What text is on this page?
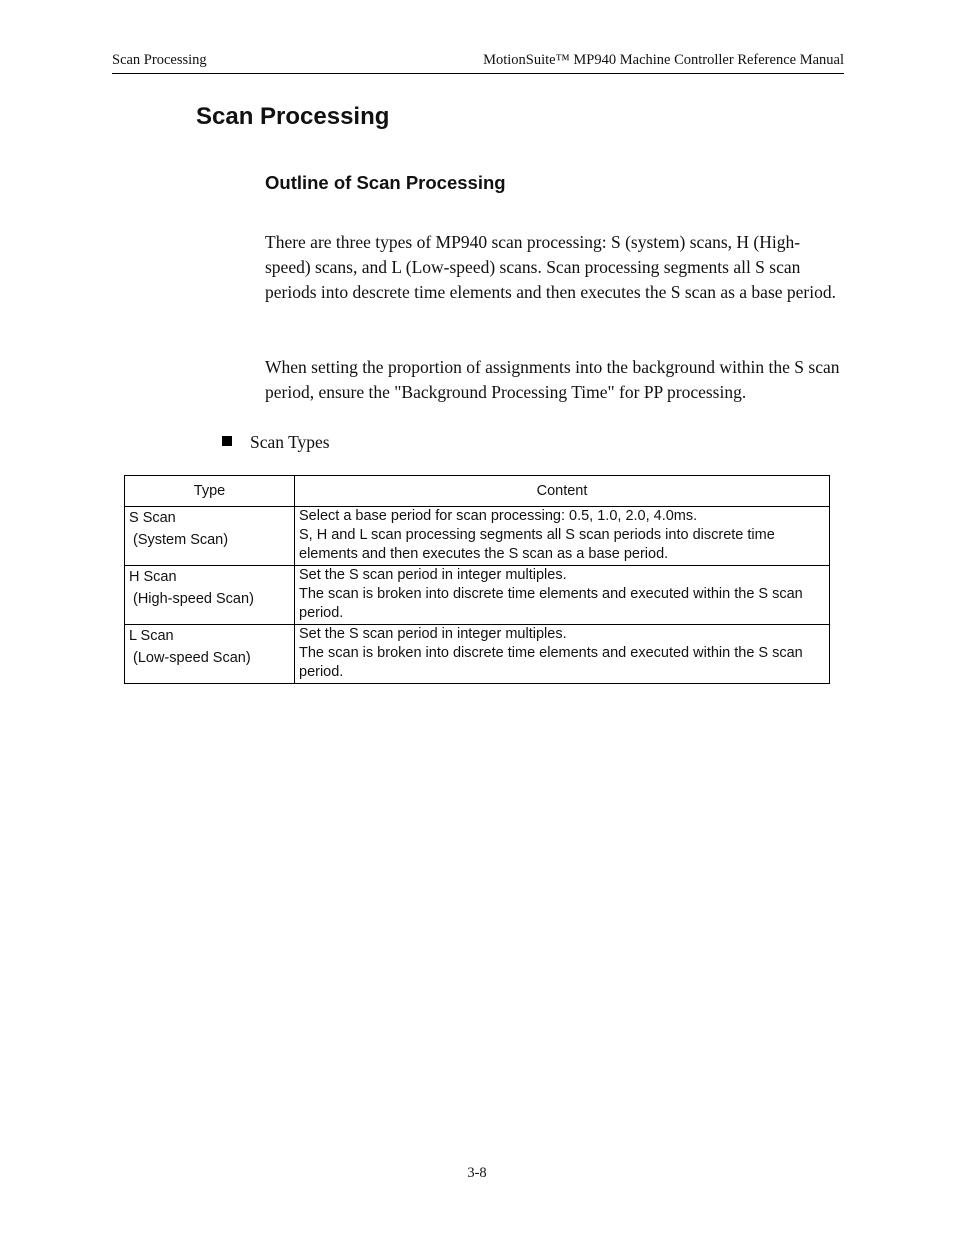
Scan Processing	MotionSuite™ MP940 Machine Controller Reference Manual
Scan Processing
Outline of Scan Processing

There are three types of MP940 scan processing: S (system) scans, H (High-speed) scans, and L (Low-speed) scans. Scan processing segments all S scan periods into descrete time elements and then executes the S scan as a base period.

When setting the proportion of assignments into the background within the S scan period, ensure the "Background Processing Time" for PP processing.

Scan Types
Type	Content
S Scan
(System Scan)	Select a base period for scan processing: 0.5, 1.0, 2.0, 4.0ms.
S, H and L scan processing segments all S scan periods into discrete time elements and then executes the S scan as a base period.

H Scan
(High-speed Scan)	Set the S scan period in integer multiples.
The scan is broken into discrete time elements and executed within the S scan period.

L Scan
(Low-speed Scan)	Set the S scan period in integer multiples.
The scan is broken into discrete time elements and executed within the S scan period.
3-8
